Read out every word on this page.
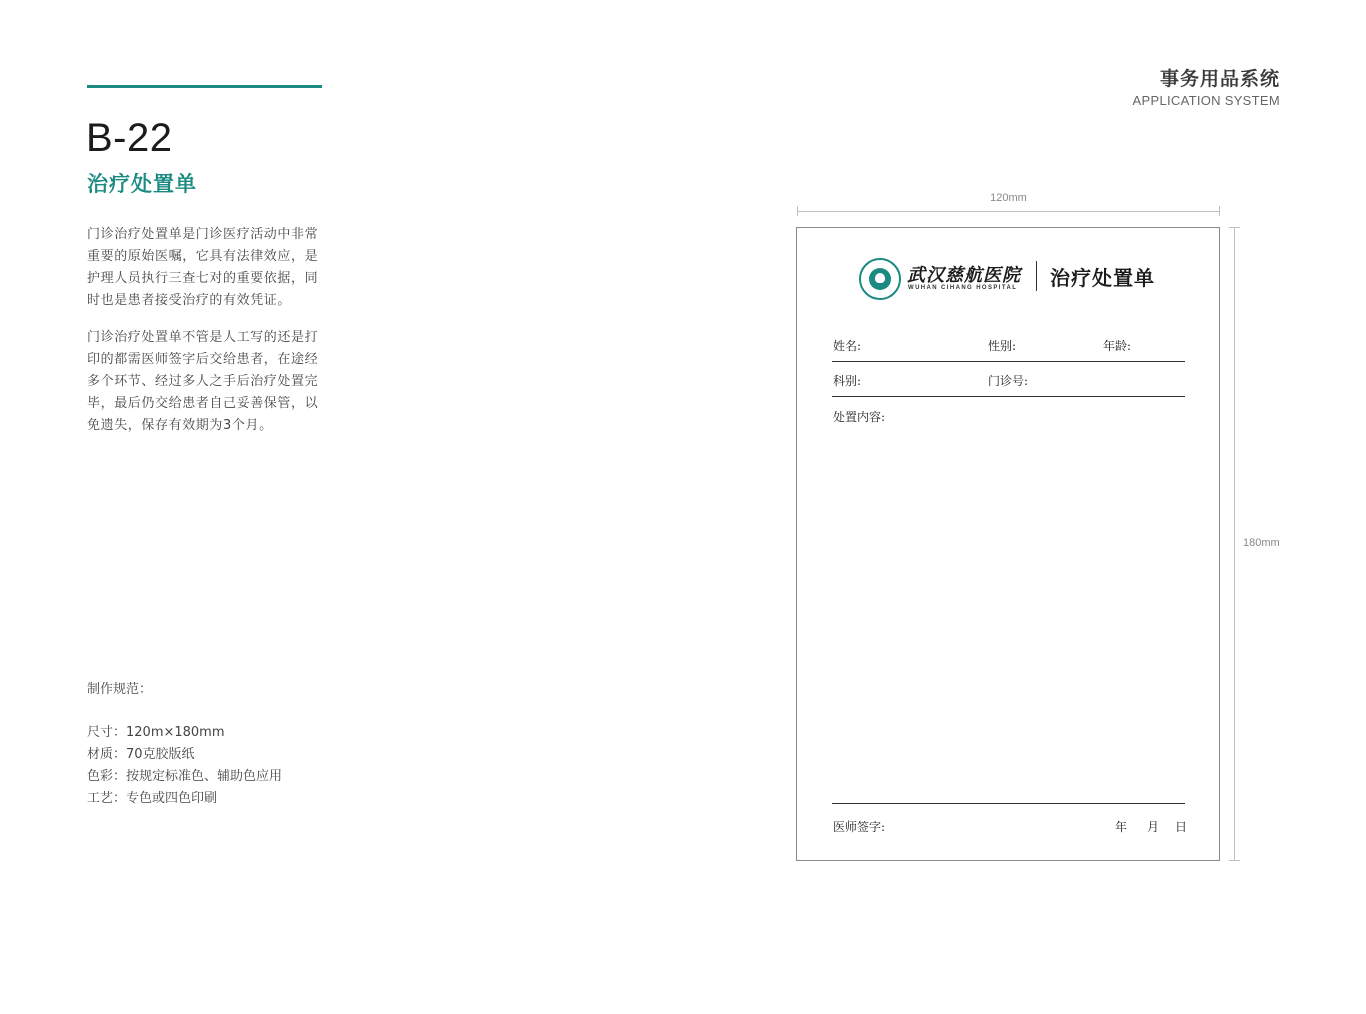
B-22
治疗处置单

门诊治疗处置单是门诊医疗活动中非常重要的原始医嘱，它具有法律效应，是护理人员执行三查七对的重要依据，同时也是患者接受治疗的有效凭证。

门诊治疗处置单不管是人工写的还是打印的都需医师签字后交给患者，在途经多个环节、经过多人之手后治疗处置完毕，最后仍交给患者自己妥善保管，以免遗失，保存有效期为3个月。

制作规范：
尺寸：120m×180mm
材质：70克胶版纸
色彩：按规定标准色、辅助色应用
工艺：专色或四色印刷
事务用品系统
APPLICATION SYSTEM
120mm
180mm
武汉慈航医院
WUHAN CIHANG HOSPITAL 治疗处置单
姓名:	性别:	年龄:
科别:	门诊号:
处置内容:
医师签字:	年 月 日
